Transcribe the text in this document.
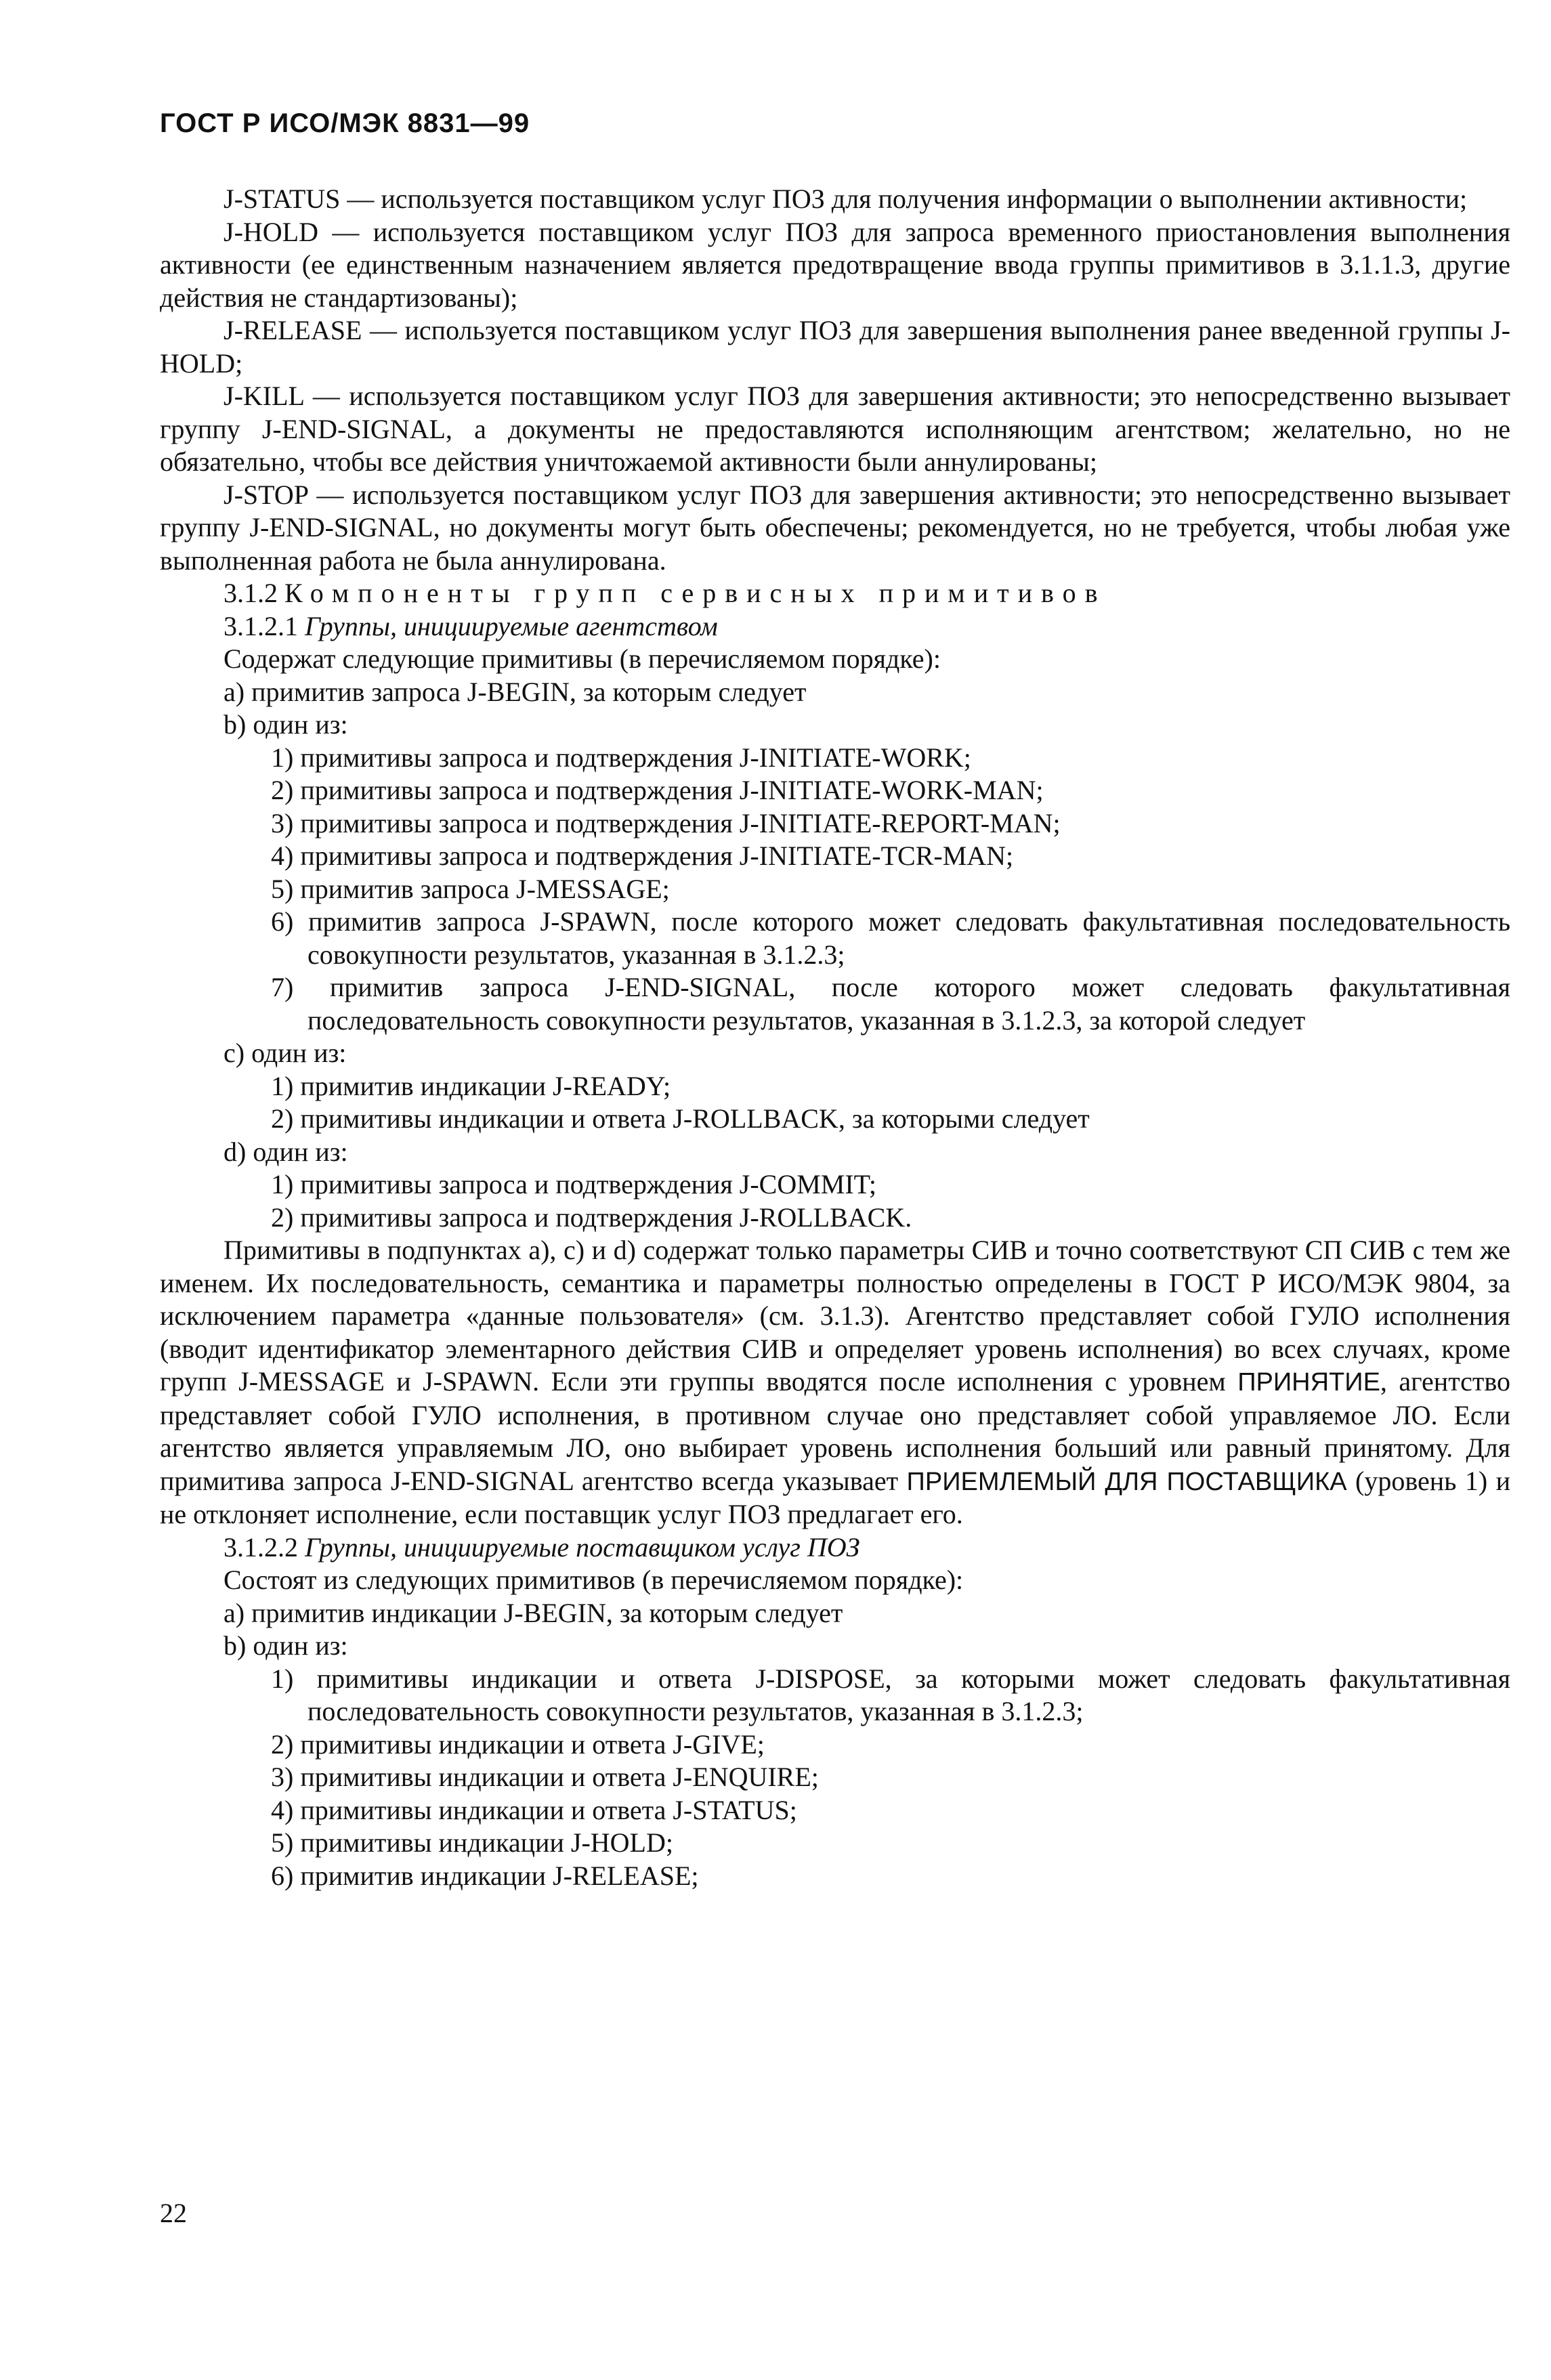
ГОСТ Р ИСО/МЭК 8831—99

J-STATUS — используется поставщиком услуг ПОЗ для получения информации о выполнении активности;

J-HOLD — используется поставщиком услуг ПОЗ для запроса временного приостановления выполнения активности (ее единственным назначением является предотвращение ввода группы примитивов в 3.1.1.3, другие действия не стандартизованы);

J-RELEASE — используется поставщиком услуг ПОЗ для завершения выполнения ранее введенной группы J-HOLD;

J-KILL — используется поставщиком услуг ПОЗ для завершения активности; это непосредственно вызывает группу J-END-SIGNAL, а документы не предоставляются исполняющим агентством; желательно, но не обязательно, чтобы все действия уничтожаемой активности были аннулированы;

J-STOP — используется поставщиком услуг ПОЗ для завершения активности; это непосредственно вызывает группу J-END-SIGNAL, но документы могут быть обеспечены; рекомендуется, но не требуется, чтобы любая уже выполненная работа не была аннулирована.

3.1.2 Компоненты групп сервисных примитивов

3.1.2.1 Группы, инициируемые агентством

Содержат следующие примитивы (в перечисляемом порядке):

a) примитив запроса J-BEGIN, за которым следует

b) один из:

1) примитивы запроса и подтверждения J-INITIATE-WORK;

2) примитивы запроса и подтверждения J-INITIATE-WORK-MAN;

3) примитивы запроса и подтверждения J-INITIATE-REPORT-MAN;

4) примитивы запроса и подтверждения J-INITIATE-TCR-MAN;

5) примитив запроса J-MESSAGE;

6) примитив запроса J-SPAWN, после которого может следовать факультативная последовательность совокупности результатов, указанная в 3.1.2.3;

7) примитив запроса J-END-SIGNAL, после которого может следовать факультативная последовательность совокупности результатов, указанная в 3.1.2.3, за которой следует

c) один из:

1) примитив индикации J-READY;

2) примитивы индикации и ответа J-ROLLBACK, за которыми следует

d) один из:

1) примитивы запроса и подтверждения J-COMMIT;

2) примитивы запроса и подтверждения J-ROLLBACK.

Примитивы в подпунктах а), с) и d) содержат только параметры СИВ и точно соответствуют СП СИВ с тем же именем. Их последовательность, семантика и параметры полностью определены в ГОСТ Р ИСО/МЭК 9804, за исключением параметра «данные пользователя» (см. 3.1.3). Агентство представляет собой ГУЛО исполнения (вводит идентификатор элементарного действия СИВ и определяет уровень исполнения) во всех случаях, кроме групп J-MESSAGE и J-SPAWN. Если эти группы вводятся после исполнения с уровнем ПРИНЯТИЕ, агентство представляет собой ГУЛО исполнения, в противном случае оно представляет собой управляемое ЛО. Если агентство является управляемым ЛО, оно выбирает уровень исполнения больший или равный принятому. Для примитива запроса J-END-SIGNAL агентство всегда указывает ПРИЕМЛЕМЫЙ ДЛЯ ПОСТАВЩИКА (уровень 1) и не отклоняет исполнение, если поставщик услуг ПОЗ предлагает его.

3.1.2.2 Группы, инициируемые поставщиком услуг ПОЗ

Состоят из следующих примитивов (в перечисляемом порядке):

a) примитив индикации J-BEGIN, за которым следует

b) один из:

1) примитивы индикации и ответа J-DISPOSE, за которыми может следовать факультативная последовательность совокупности результатов, указанная в 3.1.2.3;

2) примитивы индикации и ответа J-GIVE;

3) примитивы индикации и ответа J-ENQUIRE;

4) примитивы индикации и ответа J-STATUS;

5) примитивы индикации J-HOLD;

6) примитив индикации J-RELEASE;

22
